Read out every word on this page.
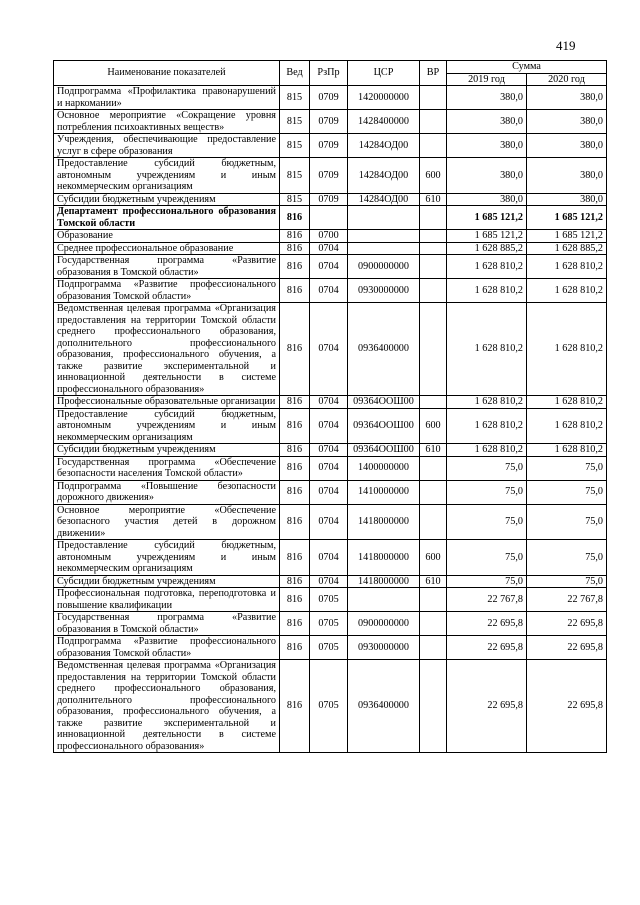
419
Наименование показателей	Вед	РзПр	ЦСР	ВР	Сумма	
					2019 год	2020 год
Подпрограмма «Профилактика правонарушений и наркомании»	815	0709	1420000000		380,0	380,0
Основное мероприятие «Сокращение уровня потребления психоактивных веществ»	815	0709	1428400000		380,0	380,0
Учреждения, обеспечивающие предоставление услуг в сфере образования	815	0709	14284ОД00		380,0	380,0
Предоставление субсидий бюджетным, автономным учреждениям и иным некоммерческим организациям	815	0709	14284ОД00	600	380,0	380,0
Субсидии бюджетным учреждениям	815	0709	14284ОД00	610	380,0	380,0
Департамент профессионального образования Томской области	816				1 685 121,2	1 685 121,2
Образование	816	0700			1 685 121,2	1 685 121,2
Среднее профессиональное образование	816	0704			1 628 885,2	1 628 885,2
Государственная программа «Развитие образования в Томской области»	816	0704	0900000000		1 628 810,2	1 628 810,2
Подпрограмма «Развитие профессионального образования Томской области»	816	0704	0930000000		1 628 810,2	1 628 810,2
Ведомственная целевая программа «Организация предоставления на территории Томской области среднего профессионального образования, дополнительного профессионального образования, профессионального обучения, а также развитие экспериментальной и инновационной деятельности в системе профессионального образования»	816	0704	0936400000		1 628 810,2	1 628 810,2
Профессиональные образовательные организации	816	0704	09364ООШ00		1 628 810,2	1 628 810,2
Предоставление субсидий бюджетным, автономным учреждениям и иным некоммерческим организациям	816	0704	09364ООШ00	600	1 628 810,2	1 628 810,2
Субсидии бюджетным учреждениям	816	0704	09364ООШ00	610	1 628 810,2	1 628 810,2
Государственная программа «Обеспечение безопасности населения Томской области»	816	0704	1400000000		75,0	75,0
Подпрограмма «Повышение безопасности дорожного движения»	816	0704	1410000000		75,0	75,0
Основное мероприятие «Обеспечение безопасного участия детей в дорожном движении»	816	0704	1418000000		75,0	75,0
Предоставление субсидий бюджетным, автономным учреждениям и иным некоммерческим организациям	816	0704	1418000000	600	75,0	75,0
Субсидии бюджетным учреждениям	816	0704	1418000000	610	75,0	75,0
Профессиональная подготовка, переподготовка и повышение квалификации	816	0705			22 767,8	22 767,8
Государственная программа «Развитие образования в Томской области»	816	0705	0900000000		22 695,8	22 695,8
Подпрограмма «Развитие профессионального образования Томской области»	816	0705	0930000000		22 695,8	22 695,8
Ведомственная целевая программа «Организация предоставления на территории Томской области среднего профессионального образования, дополнительного профессионального образования, профессионального обучения, а также развитие экспериментальной и инновационной деятельности в системе профессионального образования»	816	0705	0936400000		22 695,8	22 695,8
